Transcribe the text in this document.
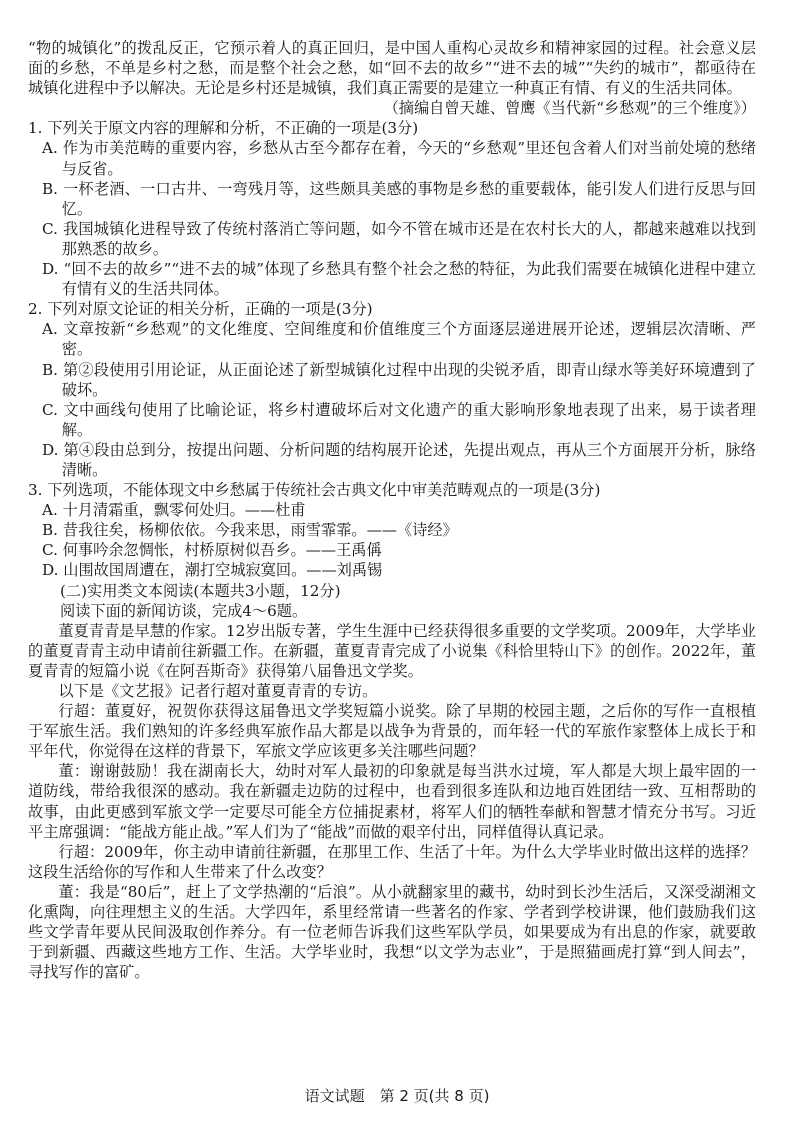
“物的城镇化”的拨乱反正，它预示着人的真正回归，是中国人重构心灵故乡和精神家园的过程。社会意义层面的乡愁，不单是乡村之愁，而是整个社会之愁，如“回不去的故乡”“进不去的城”“失约的城市”，都亟待在城镇化进程中予以解决。无论是乡村还是城镇，我们真正需要的是建立一种真正有情、有义的生活共同体。

（摘编自曾天雄、曾鹰《当代新“乡愁观”的三个维度》）

1. 下列关于原文内容的理解和分析，不正确的一项是(3分)

A. 作为市美范畴的重要内容，乡愁从古至今都存在着，今天的“乡愁观”里还包含着人们对当前处境的愁绪与反省。

B. 一杯老酒、一口古井、一弯残月等，这些颇具美感的事物是乡愁的重要载体，能引发人们进行反思与回忆。

C. 我国城镇化进程导致了传统村落消亡等问题，如今不管在城市还是在农村长大的人，都越来越难以找到那熟悉的故乡。

D. “回不去的故乡”“进不去的城”体现了乡愁具有整个社会之愁的特征，为此我们需要在城镇化进程中建立有情有义的生活共同体。

2. 下列对原文论证的相关分析，正确的一项是(3分)

A. 文章按新“乡愁观”的文化维度、空间维度和价值维度三个方面逐层递进展开论述，逻辑层次清晰、严密。

B. 第②段使用引用论证，从正面论述了新型城镇化过程中出现的尖锐矛盾，即青山绿水等美好环境遭到了破坏。

C. 文中画线句使用了比喻论证，将乡村遭破坏后对文化遗产的重大影响形象地表现了出来，易于读者理解。

D. 第④段由总到分，按提出问题、分析问题的结构展开论述，先提出观点，再从三个方面展开分析，脉络清晰。

3. 下列选项，不能体现文中乡愁属于传统社会古典文化中审美范畴观点的一项是(3分)

A. 十月清霜重，飘零何处归。——杜甫

B. 昔我往矣，杨柳依依。今我来思，雨雪霏霏。——《诗经》

C. 何事吟余忽惆怅，村桥原树似吾乡。——王禹偁

D. 山围故国周遭在，潮打空城寂寞回。——刘禹锡

(二)实用类文本阅读(本题共3小题，12分)

阅读下面的新闻访谈，完成4～6题。

董夏青青是早慧的作家。12岁出版专著，学生生涯中已经获得很多重要的文学奖项。2009年，大学毕业的董夏青青主动申请前往新疆工作。在新疆，董夏青青完成了小说集《科恰里特山下》的创作。2022年，董夏青青的短篇小说《在阿吾斯奇》获得第八届鲁迅文学奖。

以下是《文艺报》记者行超对董夏青青的专访。

行超：董夏好，祝贺你获得这届鲁迅文学奖短篇小说奖。除了早期的校园主题，之后你的写作一直根植于军旅生活。我们熟知的许多经典军旅作品大都是以战争为背景的，而年轻一代的军旅作家整体上成长于和平年代，你觉得在这样的背景下，军旅文学应该更多关注哪些问题？

董：谢谢鼓励！我在湖南长大，幼时对军人最初的印象就是每当洪水过境，军人都是大坝上最牢固的一道防线，带给我很深的感动。我在新疆走边防的过程中，也看到很多连队和边地百姓团结一致、互相帮助的故事，由此更感到军旅文学一定要尽可能全方位捕捉素材，将军人们的牺牲奉献和智慧才情充分书写。习近平主席强调：“能战方能止战。”军人们为了“能战”而做的艰辛付出，同样值得认真记录。

行超：2009年，你主动申请前往新疆，在那里工作、生活了十年。为什么大学毕业时做出这样的选择？这段生活给你的写作和人生带来了什么改变？

董：我是“80后”，赶上了文学热潮的“后浪”。从小就翻家里的藏书，幼时到长沙生活后，又深受湖湘文化熏陶，向往理想主义的生活。大学四年，系里经常请一些著名的作家、学者到学校讲课，他们鼓励我们这些文学青年要从民间汲取创作养分。有一位老师告诉我们这些军队学员，如果要成为有出息的作家，就要敢于到新疆、西藏这些地方工作、生活。大学毕业时，我想“以文学为志业”，于是照猫画虎打算“到人间去”，寻找写作的富矿。

语文试题　第 2 页(共 8 页)
